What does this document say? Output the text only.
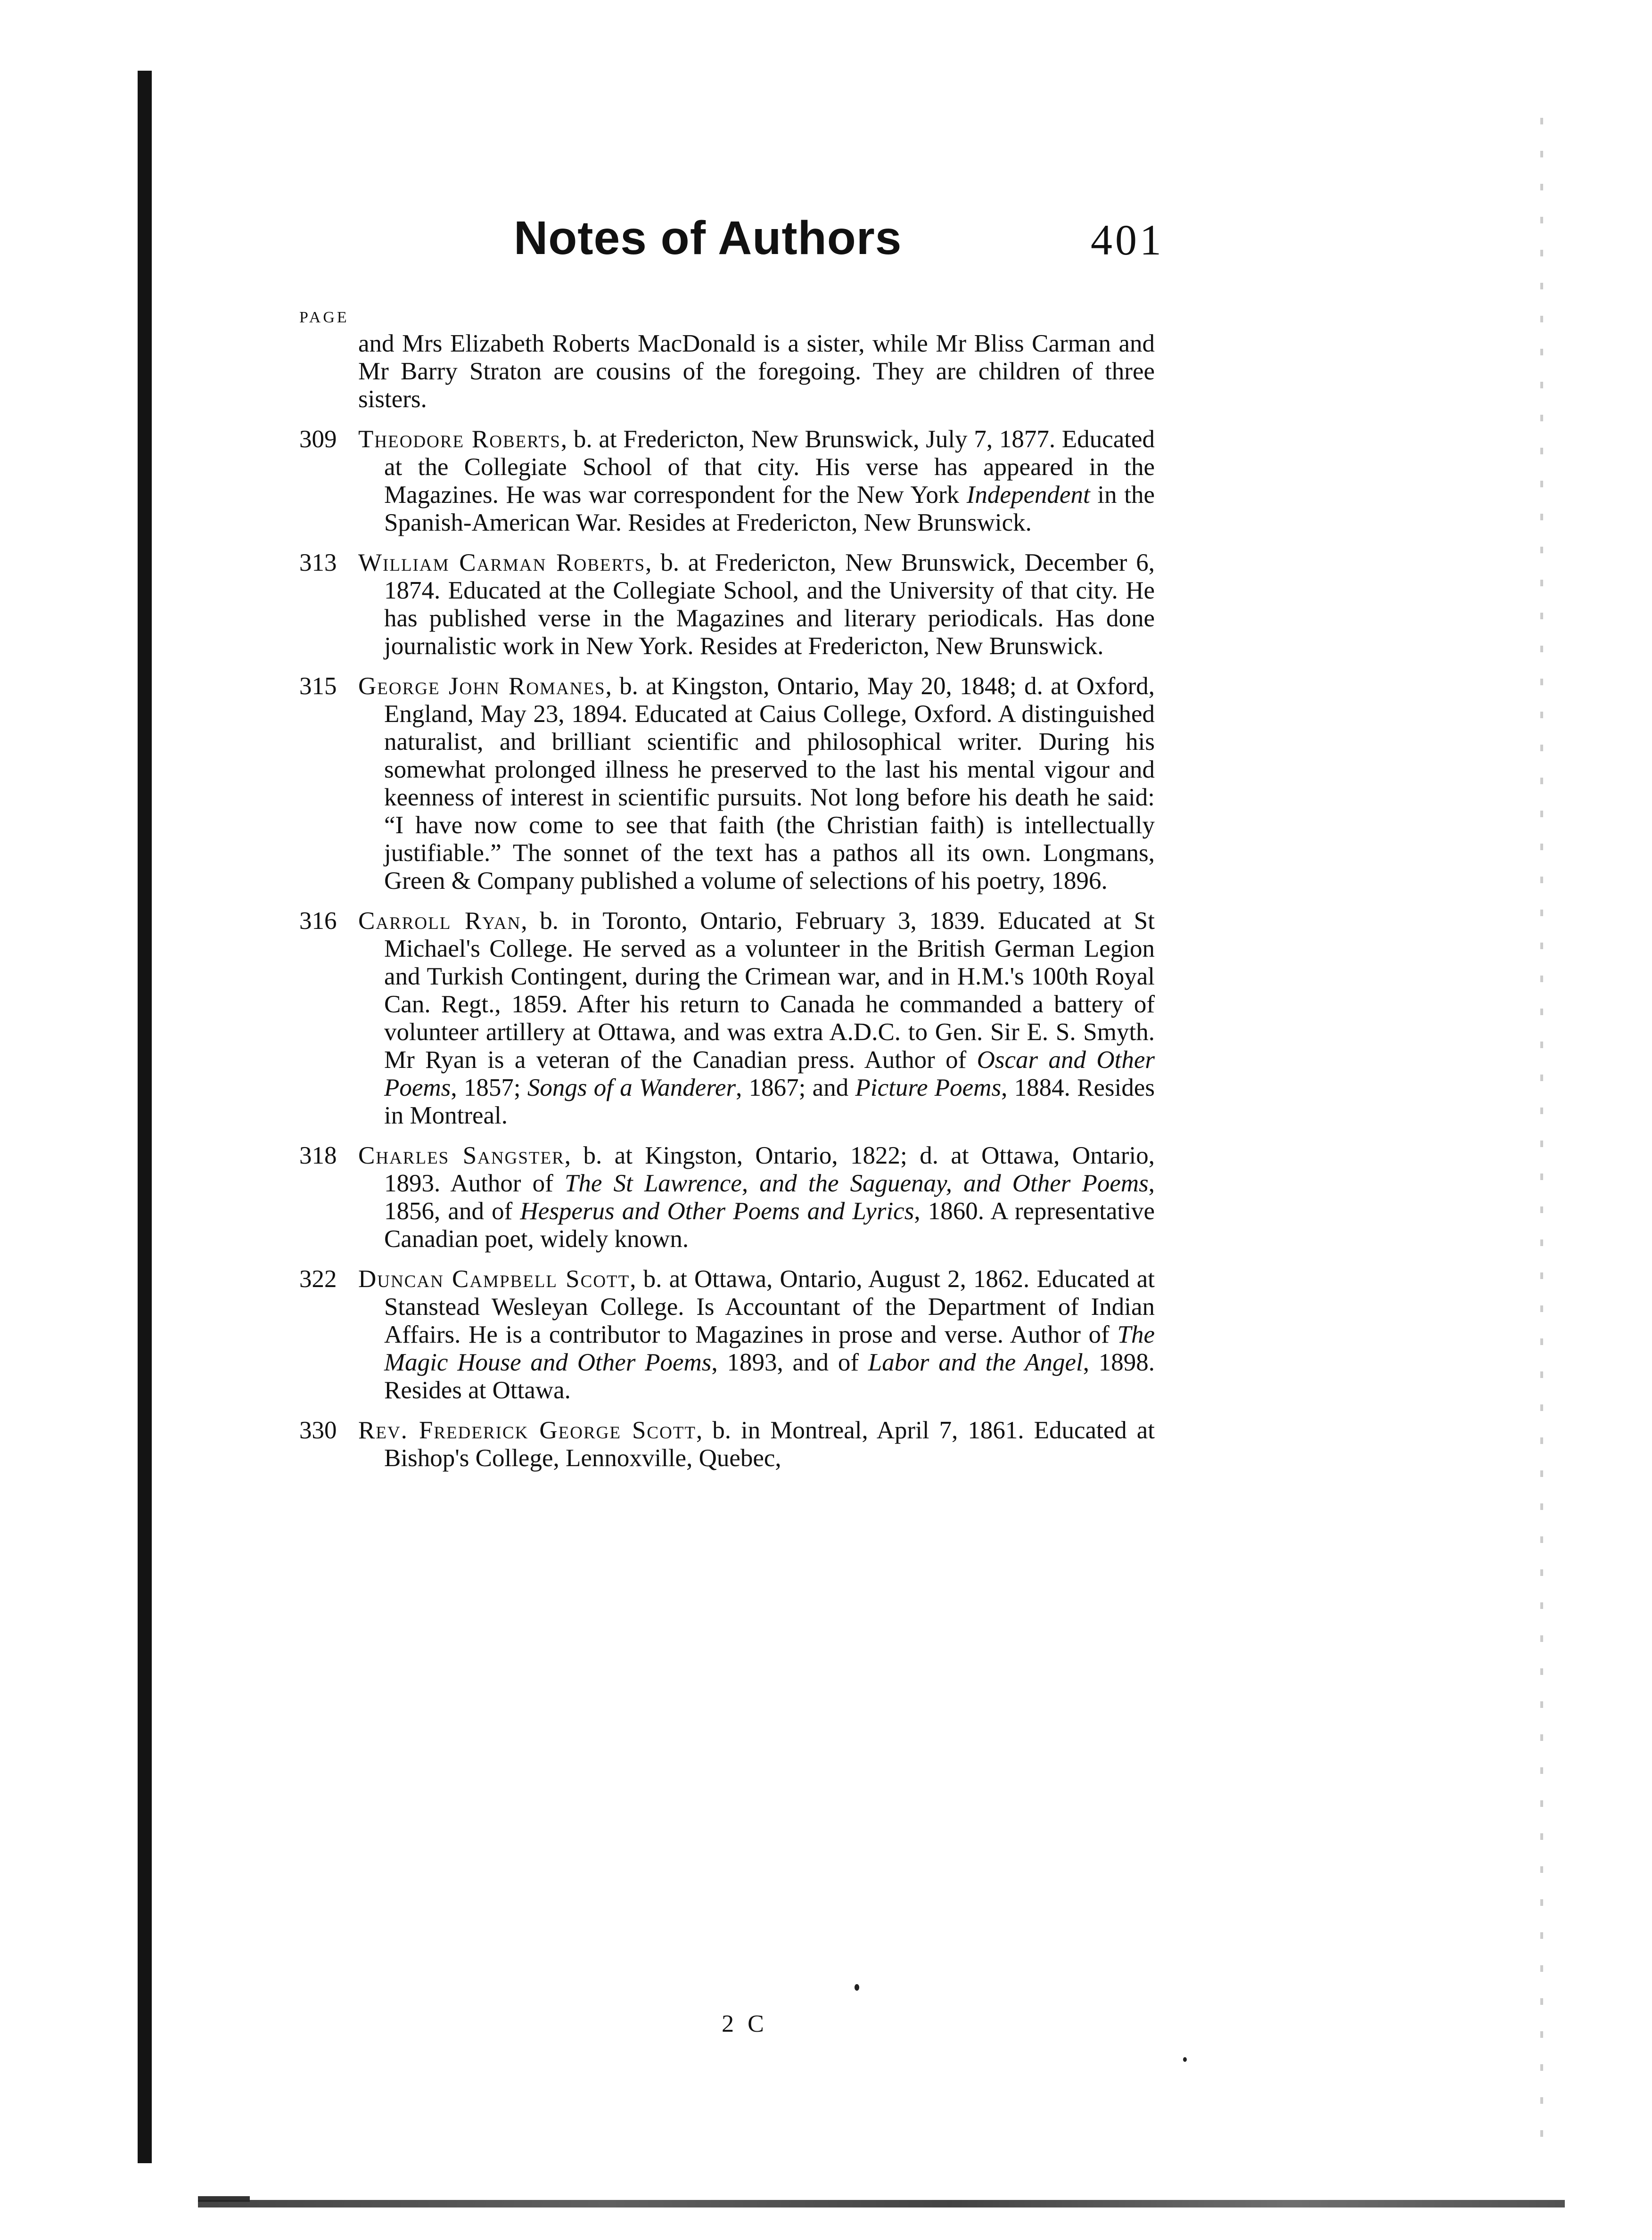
Notes of Authors	401
PAGE
and Mrs Elizabeth Roberts MacDonald is a sister, while Mr Bliss Carman and Mr Barry Straton are cousins of the foregoing. They are children of three sisters.
309 Theodore Roberts, b. at Fredericton, New Brunswick, July 7, 1877. Educated at the Collegiate School of that city. His verse has appeared in the Magazines. He was war correspondent for the New York Independent in the Spanish-American War. Resides at Fredericton, New Brunswick.
313 William Carman Roberts, b. at Fredericton, New Brunswick, December 6, 1874. Educated at the Collegiate School, and the University of that city. He has published verse in the Magazines and literary periodicals. Has done journalistic work in New York. Resides at Fredericton, New Brunswick.
315 George John Romanes, b. at Kingston, Ontario, May 20, 1848; d. at Oxford, England, May 23, 1894. Educated at Caius College, Oxford. A distinguished naturalist, and brilliant scientific and philosophical writer. During his somewhat prolonged illness he preserved to the last his mental vigour and keenness of interest in scientific pursuits. Not long before his death he said: “I have now come to see that faith (the Christian faith) is intellectually justifiable.” The sonnet of the text has a pathos all its own. Longmans, Green & Company published a volume of selections of his poetry, 1896.
316 Carroll Ryan, b. in Toronto, Ontario, February 3, 1839. Educated at St Michael's College. He served as a volunteer in the British German Legion and Turkish Contingent, during the Crimean war, and in H.M.'s 100th Royal Can. Regt., 1859. After his return to Canada he commanded a battery of volunteer artillery at Ottawa, and was extra A.D.C. to Gen. Sir E. S. Smyth. Mr Ryan is a veteran of the Canadian press. Author of Oscar and Other Poems, 1857; Songs of a Wanderer, 1867; and Picture Poems, 1884. Resides in Montreal.
318 Charles Sangster, b. at Kingston, Ontario, 1822; d. at Ottawa, Ontario, 1893. Author of The St Lawrence, and the Saguenay, and Other Poems, 1856, and of Hesperus and Other Poems and Lyrics, 1860. A representative Canadian poet, widely known.
322 Duncan Campbell Scott, b. at Ottawa, Ontario, August 2, 1862. Educated at Stanstead Wesleyan College. Is Accountant of the Department of Indian Affairs. He is a contributor to Magazines in prose and verse. Author of The Magic House and Other Poems, 1893, and of Labor and the Angel, 1898. Resides at Ottawa.
330 Rev. Frederick George Scott, b. in Montreal, April 7, 1861. Educated at Bishop's College, Lennoxville, Quebec,
2 C
